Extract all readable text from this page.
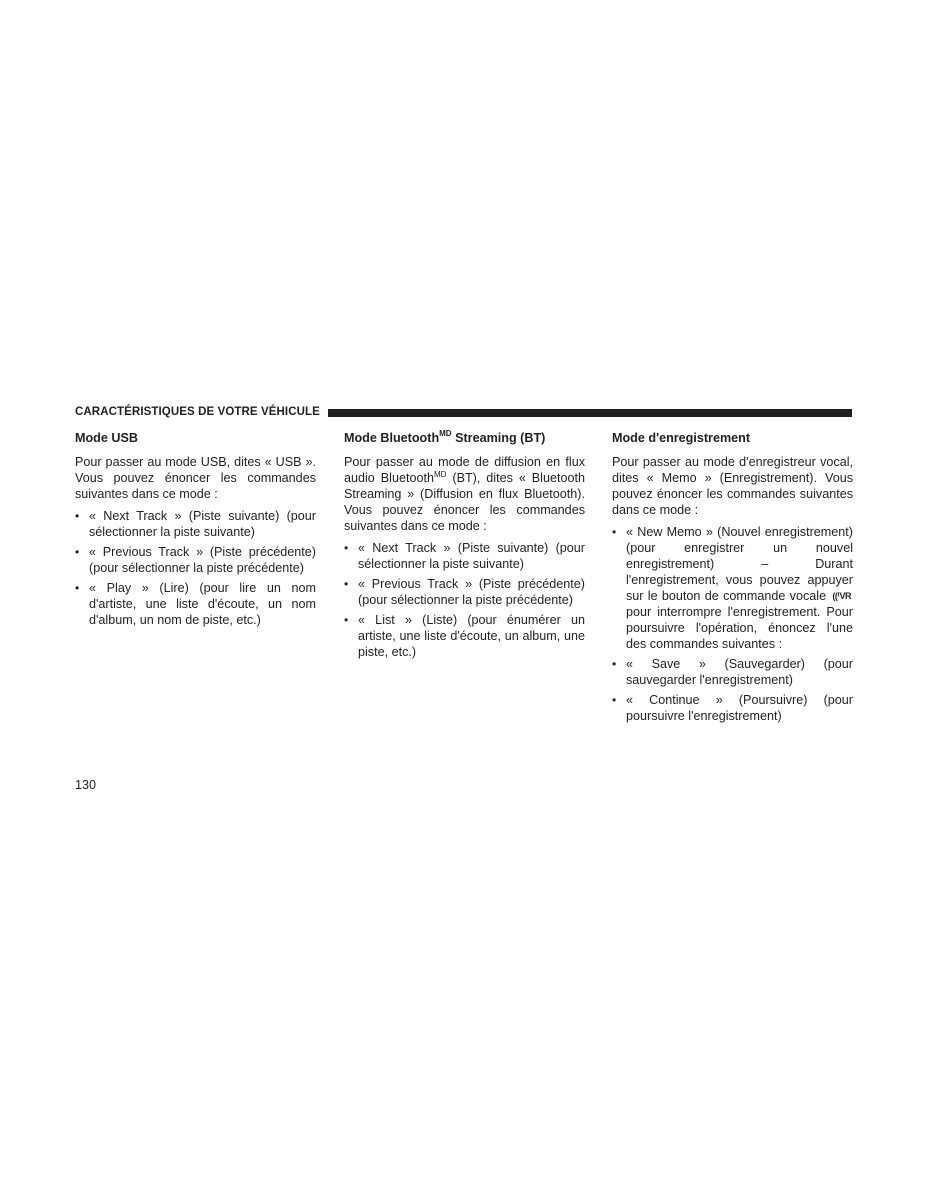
CARACTÉRISTIQUES DE VOTRE VÉHICULE
Mode USB

Pour passer au mode USB, dites « USB ». Vous pouvez énoncer les commandes suivantes dans ce mode :

• « Next Track » (Piste suivante) (pour sélectionner la piste suivante)
• « Previous Track » (Piste précédente) (pour sélectionner la piste précédente)
• « Play » (Lire) (pour lire un nom d'artiste, une liste d'écoute, un nom d'album, un nom de piste, etc.)
Mode Bluetooth$^{MD}$ Streaming (BT)

Pour passer au mode de diffusion en flux audio Bluetooth$^{MD}$ (BT), dites « Bluetooth Streaming » (Diffusion en flux Bluetooth). Vous pouvez énoncer les commandes suivantes dans ce mode :

• « Next Track » (Piste suivante) (pour sélectionner la piste suivante)
• « Previous Track » (Piste précédente) (pour sélectionner la piste précédente)
• « List » (Liste) (pour énumérer un artiste, une liste d'écoute, un album, une piste, etc.)
Mode d'enregistrement

Pour passer au mode d'enregistreur vocal, dites « Memo » (Enregistrement). Vous pouvez énoncer les commandes suivantes dans ce mode :

• « New Memo » (Nouvel enregistrement) (pour enregistrer un nouvel enregistrement) – Durant l'enregistrement, vous pouvez appuyer sur le bouton de commande vocale ((⁽VRpour interrompre l'enregistrement. Pour poursuivre l'opération, énoncez l'une des commandes suivantes :
• « Save » (Sauvegarder) (pour sauvegarder l'enregistrement)
• « Continue » (Poursuivre) (pour poursuivre l'enregistrement)
130
